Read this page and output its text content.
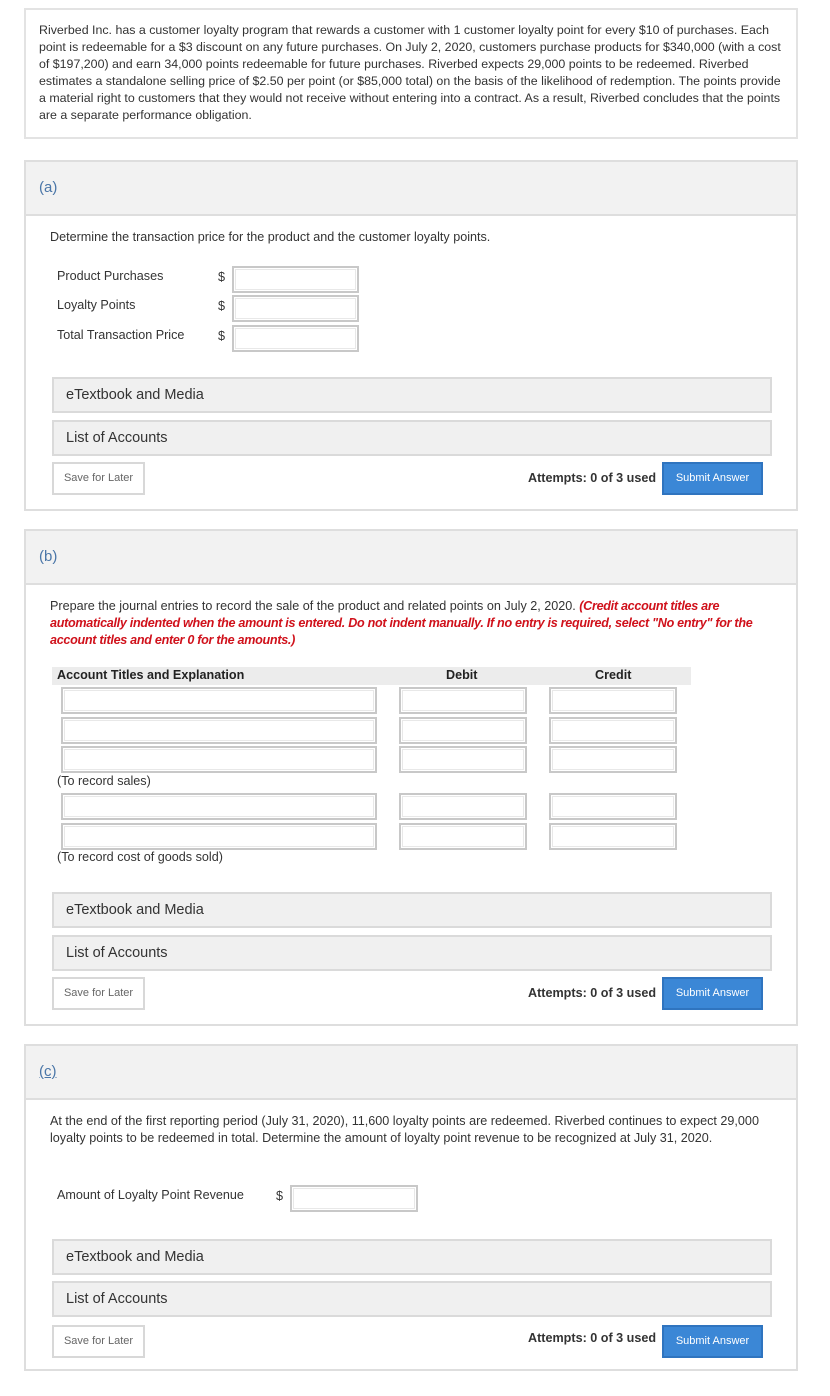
Riverbed Inc. has a customer loyalty program that rewards a customer with 1 customer loyalty point for every $10 of purchases. Each point is redeemable for a $3 discount on any future purchases. On July 2, 2020, customers purchase products for $340,000 (with a cost of $197,200) and earn 34,000 points redeemable for future purchases. Riverbed expects 29,000 points to be redeemed. Riverbed estimates a standalone selling price of $2.50 per point (or $85,000 total) on the basis of the likelihood of redemption. The points provide a material right to customers that they would not receive without entering into a contract. As a result, Riverbed concludes that the points are a separate performance obligation.
(a)
Determine the transaction price for the product and the customer loyalty points.
Product Purchases	$
Loyalty Points	$
Total Transaction Price	$
eTextbook and Media
List of Accounts
Save for Later	Attempts: 0 of 3 used	Submit Answer
(b)
Prepare the journal entries to record the sale of the product and related points on July 2, 2020. (Credit account titles are automatically indented when the amount is entered. Do not indent manually. If no entry is required, select "No entry" for the account titles and enter 0 for the amounts.)
Account Titles and Explanation	Debit	Credit
(To record sales)
(To record cost of goods sold)
eTextbook and Media
List of Accounts
Save for Later	Attempts: 0 of 3 used	Submit Answer
(c)
At the end of the first reporting period (July 31, 2020), 11,600 loyalty points are redeemed. Riverbed continues to expect 29,000 loyalty points to be redeemed in total. Determine the amount of loyalty point revenue to be recognized at July 31, 2020.
Amount of Loyalty Point Revenue	$
eTextbook and Media
List of Accounts
Save for Later	Attempts: 0 of 3 used	Submit Answer
